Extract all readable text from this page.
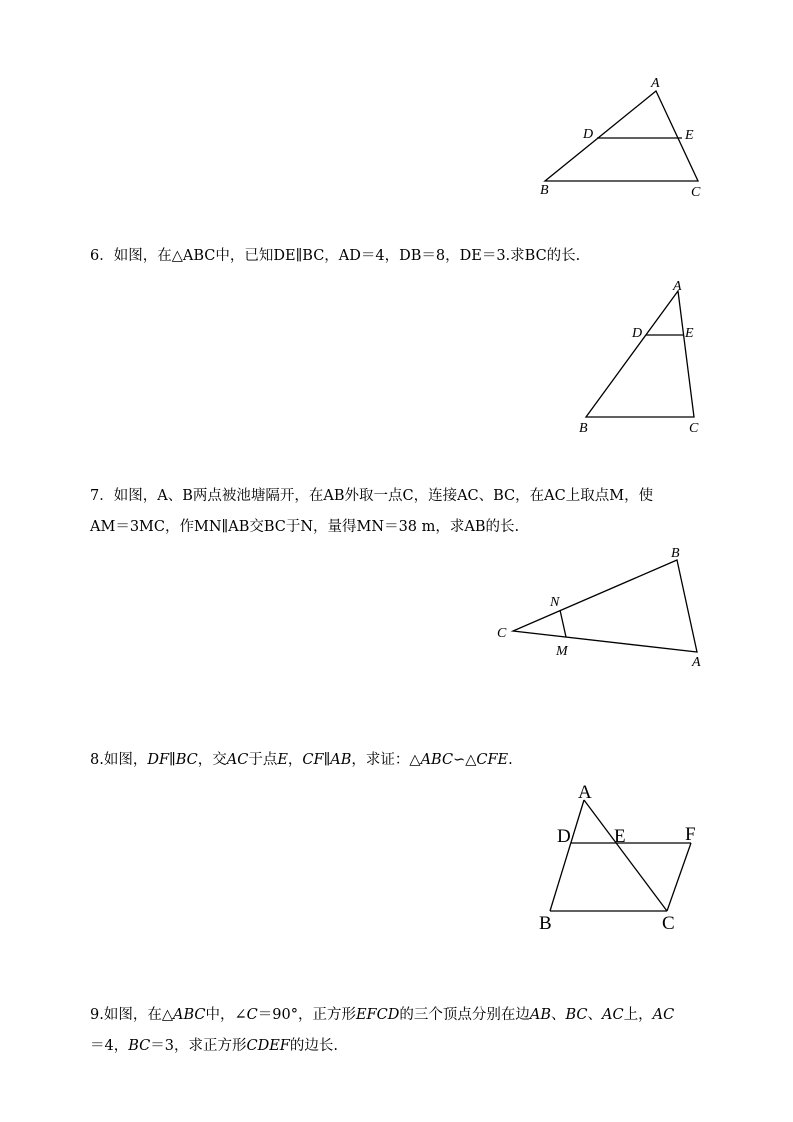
A
D	E
B	C
6．如图，在△ABC中，已知DE∥BC，AD＝4，DB＝8，DE＝3.求BC的长.
A
D	E
B	C
7．如图，A、B两点被池塘隔开，在AB外取一点C，连接AC、BC，在AC上取点M，使
AM＝3MC，作MN∥AB交BC于N，量得MN＝38 m，求AB的长.
B
N
C
M
A
8.如图，DF∥BC，交AC于点E，CF∥AB，求证：△ABC∽△CFE.
A
D E	F
B	C
9.如图，在△ABC中，∠C＝90°，正方形EFCD的三个顶点分别在边AB、BC、AC上，AC
＝4，BC＝3，求正方形CDEF的边长.
